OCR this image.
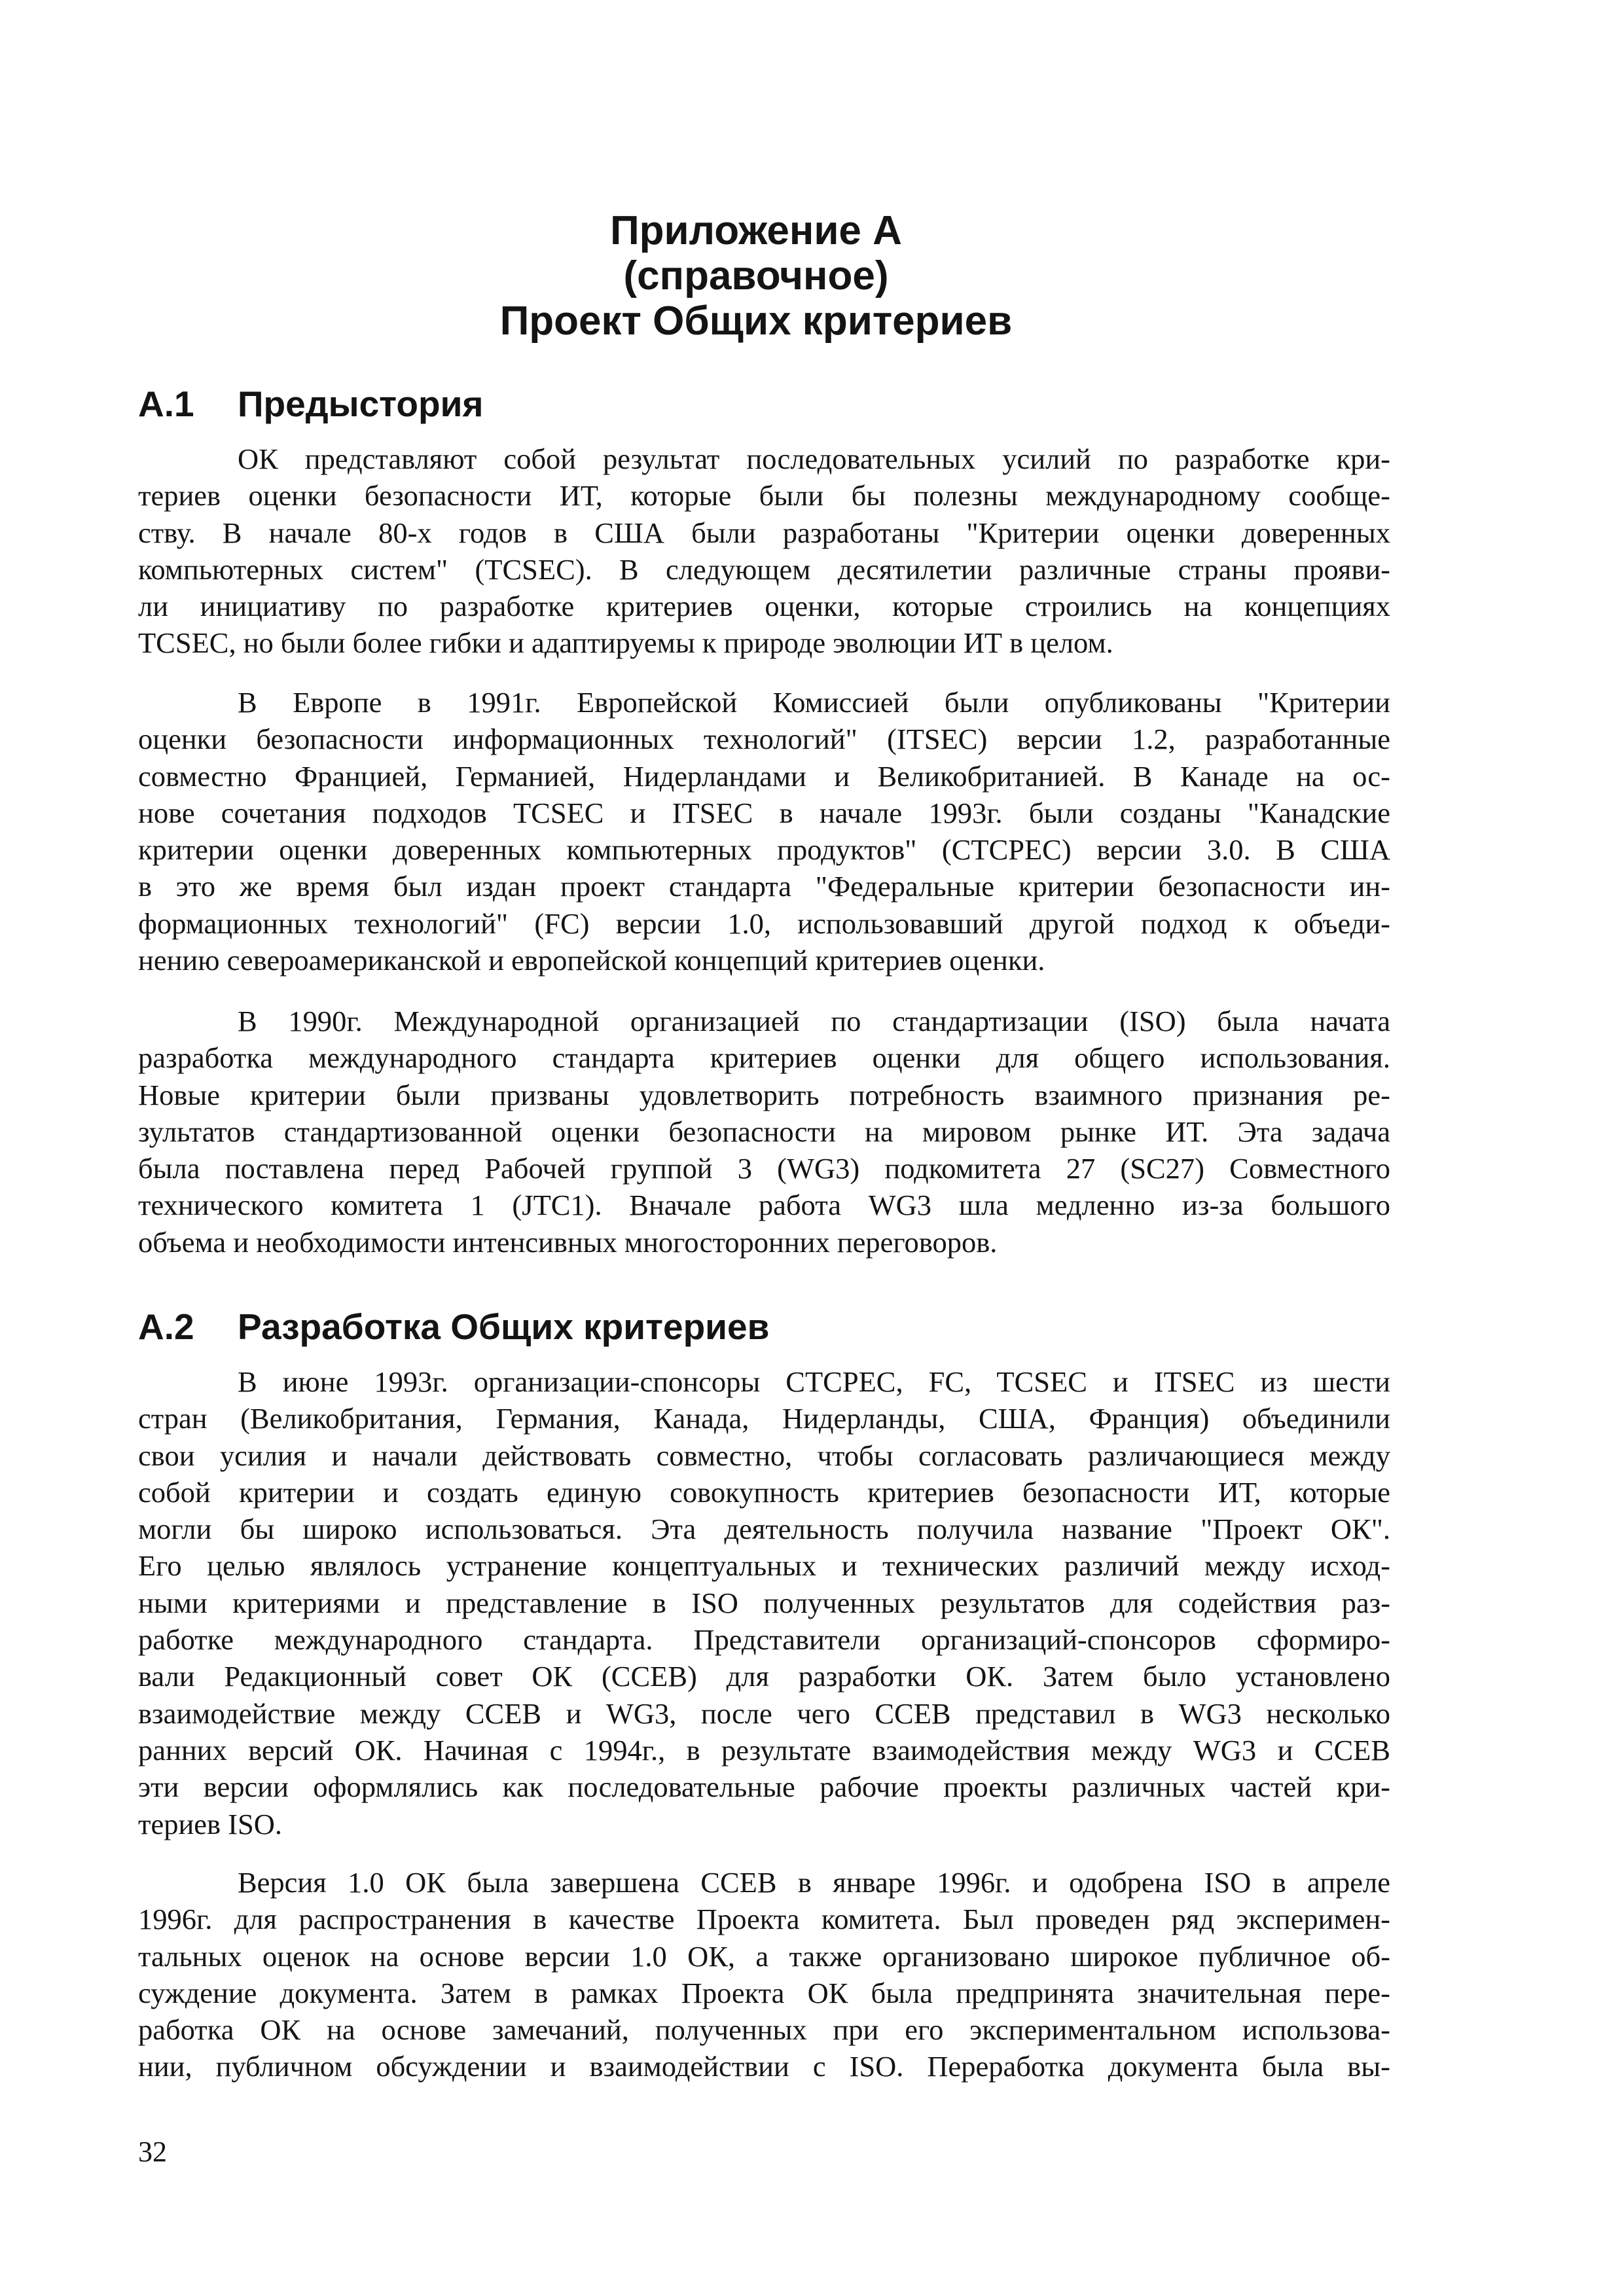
Приложение А
(справочное)
Проект Общих критериев
А.1 Предыстория
ОК представляют собой результат последовательных усилий по разработке кри-
териев оценки безопасности ИТ, которые были бы полезны международному сообще-
ству. В начале 80-х годов в США были разработаны "Критерии оценки доверенных
компьютерных систем" (TCSEC). В следующем десятилетии различные страны прояви-
ли инициативу по разработке критериев оценки, которые строились на концепциях
TCSEC, но были более гибки и адаптируемы к природе эволюции ИТ в целом.
В Европе в 1991г. Европейской Комиссией были опубликованы "Критерии
оценки безопасности информационных технологий" (ITSEC) версии 1.2, разработанные
совместно Францией, Германией, Нидерландами и Великобританией. В Канаде на ос-
нове сочетания подходов TCSEC и ITSEC в начале 1993г. были созданы "Канадские
критерии оценки доверенных компьютерных продуктов" (CTCPEC) версии 3.0. В США
в это же время был издан проект стандарта "Федеральные критерии безопасности ин-
формационных технологий" (FC) версии 1.0, использовавший другой подход к объеди-
нению североамериканской и европейской концепций критериев оценки.
В 1990г. Международной организацией по стандартизации (ISO) была начата
разработка международного стандарта критериев оценки для общего использования.
Новые критерии были призваны удовлетворить потребность взаимного признания ре-
зультатов стандартизованной оценки безопасности на мировом рынке ИТ. Эта задача
была поставлена перед Рабочей группой 3 (WG3) подкомитета 27 (SC27) Совместного
технического комитета 1 (JTC1). Вначале работа WG3 шла медленно из-за большого
объема и необходимости интенсивных многосторонних переговоров.
А.2 Разработка Общих критериев
В июне 1993г. организации-спонсоры CTCPEC, FC, TCSEC и ITSEC из шести
стран (Великобритания, Германия, Канада, Нидерланды, США, Франция) объединили
свои усилия и начали действовать совместно, чтобы согласовать различающиеся между
собой критерии и создать единую совокупность критериев безопасности ИТ, которые
могли бы широко использоваться. Эта деятельность получила название "Проект ОК".
Его целью являлось устранение концептуальных и технических различий между исход-
ными критериями и представление в ISO полученных результатов для содействия раз-
работке международного стандарта. Представители организаций-спонсоров сформиро-
вали Редакционный совет ОК (CCEB) для разработки ОК. Затем было установлено
взаимодействие между CCEB и WG3, после чего CCEB представил в WG3 несколько
ранних версий ОК. Начиная с 1994г., в результате взаимодействия между WG3 и CCEB
эти версии оформлялись как последовательные рабочие проекты различных частей кри-
териев ISO.
Версия 1.0 ОК была завершена CCEB в январе 1996г. и одобрена ISO в апреле
1996г. для распространения в качестве Проекта комитета. Был проведен ряд эксперимен-
тальных оценок на основе версии 1.0 ОК, а также организовано широкое публичное об-
суждение документа. Затем в рамках Проекта ОК была предпринята значительная пере-
работка ОК на основе замечаний, полученных при его экспериментальном использова-
нии, публичном обсуждении и взаимодействии с ISO. Переработка документа была вы-
32
